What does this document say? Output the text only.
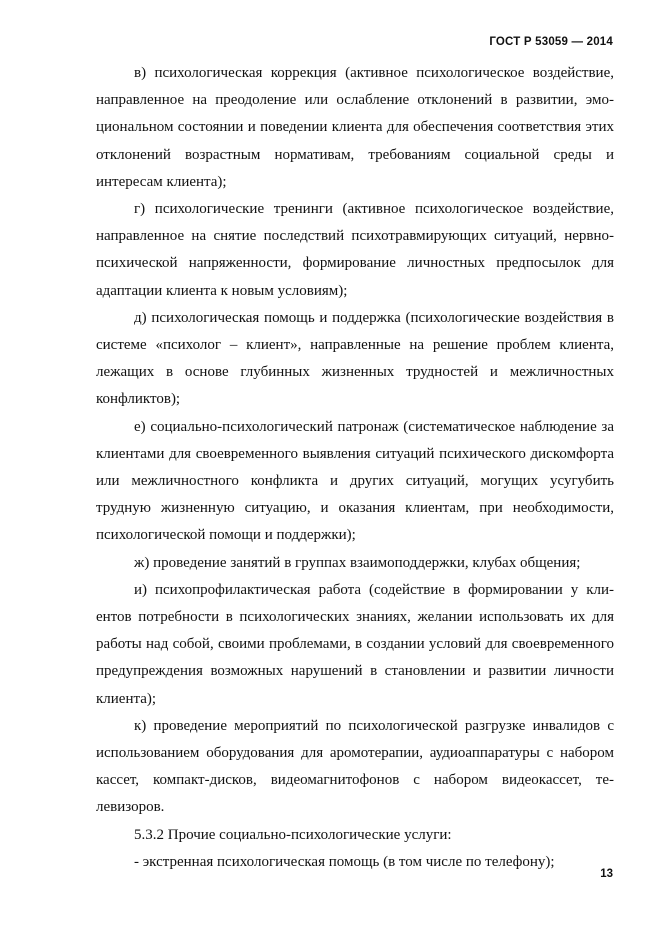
ГОСТ Р 53059 — 2014

в) психологическая коррекция (активное психологическое воздействие, направленное на преодоление или ослабление отклонений в развитии, эмоциональном состоянии и поведении клиента для обеспечения соответствия этих отклонений возрастным нормативам, требованиям социальной среды и интересам клиента);

г) психологические тренинги (активное психологическое воздействие, направленное на снятие последствий психотравмирующих ситуаций, нервно-психической напряженности, формирование личностных предпосылок для адаптации клиента к новым условиям);

д) психологическая помощь и поддержка (психологические воздействия в системе «психолог – клиент», направленные на решение проблем клиента, лежащих в основе глубинных жизненных трудностей и межличностных конфликтов);

е) социально-психологический патронаж (систематическое наблюдение за клиентами для своевременного выявления ситуаций психического дискомфорта или межличностного конфликта и других ситуаций, могущих усугубить трудную жизненную ситуацию, и оказания клиентам, при необходимости, психологической помощи и поддержки);

ж) проведение занятий в группах взаимоподдержки, клубах общения;

и) психопрофилактическая работа (содействие в формировании у клиентов потребности в психологических знаниях, желании использовать их для работы над собой, своими проблемами, в создании условий для своевременного предупреждения возможных нарушений в становлении и развитии личности клиента);

к) проведение мероприятий по психологической разгрузке инвалидов с использованием оборудования для аромотерапии, аудиоаппаратуры с набором кассет, компакт-дисков, видеомагнитофонов с набором видеокассет, телевизоров.

5.3.2 Прочие социально-психологические услуги:

- экстренная психологическая помощь (в том числе по телефону);

13
